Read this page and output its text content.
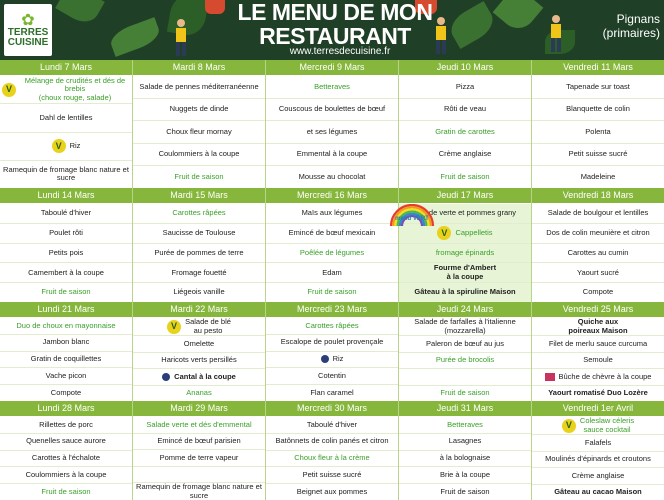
✿
TERRES
CUISINE
LE MENU DE MON
RESTAURANT
www.terresdecuisine.fr
Pignans
(primaires)
Lundi 7 Mars
V
Mélange de crudités et dés de brebis
(choux rouge, salade)
Dahl de lentilles
V	Riz
Ramequin de fromage blanc nature et sucre
Mardi 8 Mars
Salade de pennes méditerranéenne
Nuggets de dinde
Choux fleur mornay
Coulommiers à la coupe
Fruit de saison
Mercredi 9 Mars
Betteraves
Couscous de boulettes de bœuf
et ses légumes
Emmental à la coupe
Mousse au chocolat
Jeudi 10 Mars
Pizza
Rôti de veau
Gratin de carottes
Crème anglaise
Fruit de saison
Vendredi 11 Mars
Tapenade sur toast
Blanquette de colin
Polenta
Petit suisse sucré
Madeleine
Lundi 14 Mars
Taboulé d'hiver
Poulet rôti
Petits pois
Camembert à la coupe
Fruit de saison
Mardi 15 Mars
Carottes râpées
Saucisse de Toulouse
Purée de pommes de terre
Fromage fouetté
Liégeois vanille
Mercredi 16 Mars
Maïs aux légumes
Emincé de bœuf mexicain
Poêlée de légumes
Edam
Fruit de saison
Jeudi 17 Mars
Salade verte et pommes grany
V	Cappelletis
fromage épinards
Fourme d'Ambert
à la coupe
Gâteau à la spiruline Maison
menu VERT
Vendredi 18 Mars
Salade de boulgour et lentilles
Dos de colin meunière et citron
Carottes au cumin
Yaourt sucré
Compote
Lundi 21 Mars
Duo de choux en mayonnaise
Jambon blanc
Gratin de coquillettes
Vache picon
Compote
Mardi 22 Mars
V	Salade de blé
au pesto
Omelette
Haricots verts persillés
Cantal à la coupe
Ananas
Mercredi 23 Mars
Carottes râpées
Escalope de poulet provençale
Riz
Cotentin
Flan caramel
Jeudi 24 Mars
Salade de farfalles à l'italienne (mozzarella)
Paleron de bœuf au jus
Purée de brocolis
Fruit de saison
Vendredi 25 Mars
Quiche aux
poireaux Maison
Filet de merlu sauce curcuma
Semoule
Bûche de chèvre à la coupe
Yaourt romatisé Duo Lozère
Lundi 28 Mars
Rillettes de porc
Quenelles sauce aurore
Carottes à l'échalote
Coulommiers à la coupe
Fruit de saison
Mardi 29 Mars
Salade verte et dés d'emmental
Emincé de bœuf parisien
Pomme de terre vapeur
Ramequin de fromage blanc nature et sucre
Mercredi 30 Mars
Taboulé d'hiver
Batônnets de colin panés et citron
Choux fleur à la crème
Petit suisse sucré
Beignet aux pommes
Jeudi 31 Mars
Betteraves
Lasagnes
à la bolognaise
Brie à la coupe
Fruit de saison
Vendredi 1er Avril
V	Coleslaw céleris
sauce cocktail
Falafels
Moulinés d'épinards et croutons
Crème anglaise
Gâteau au cacao Maison
